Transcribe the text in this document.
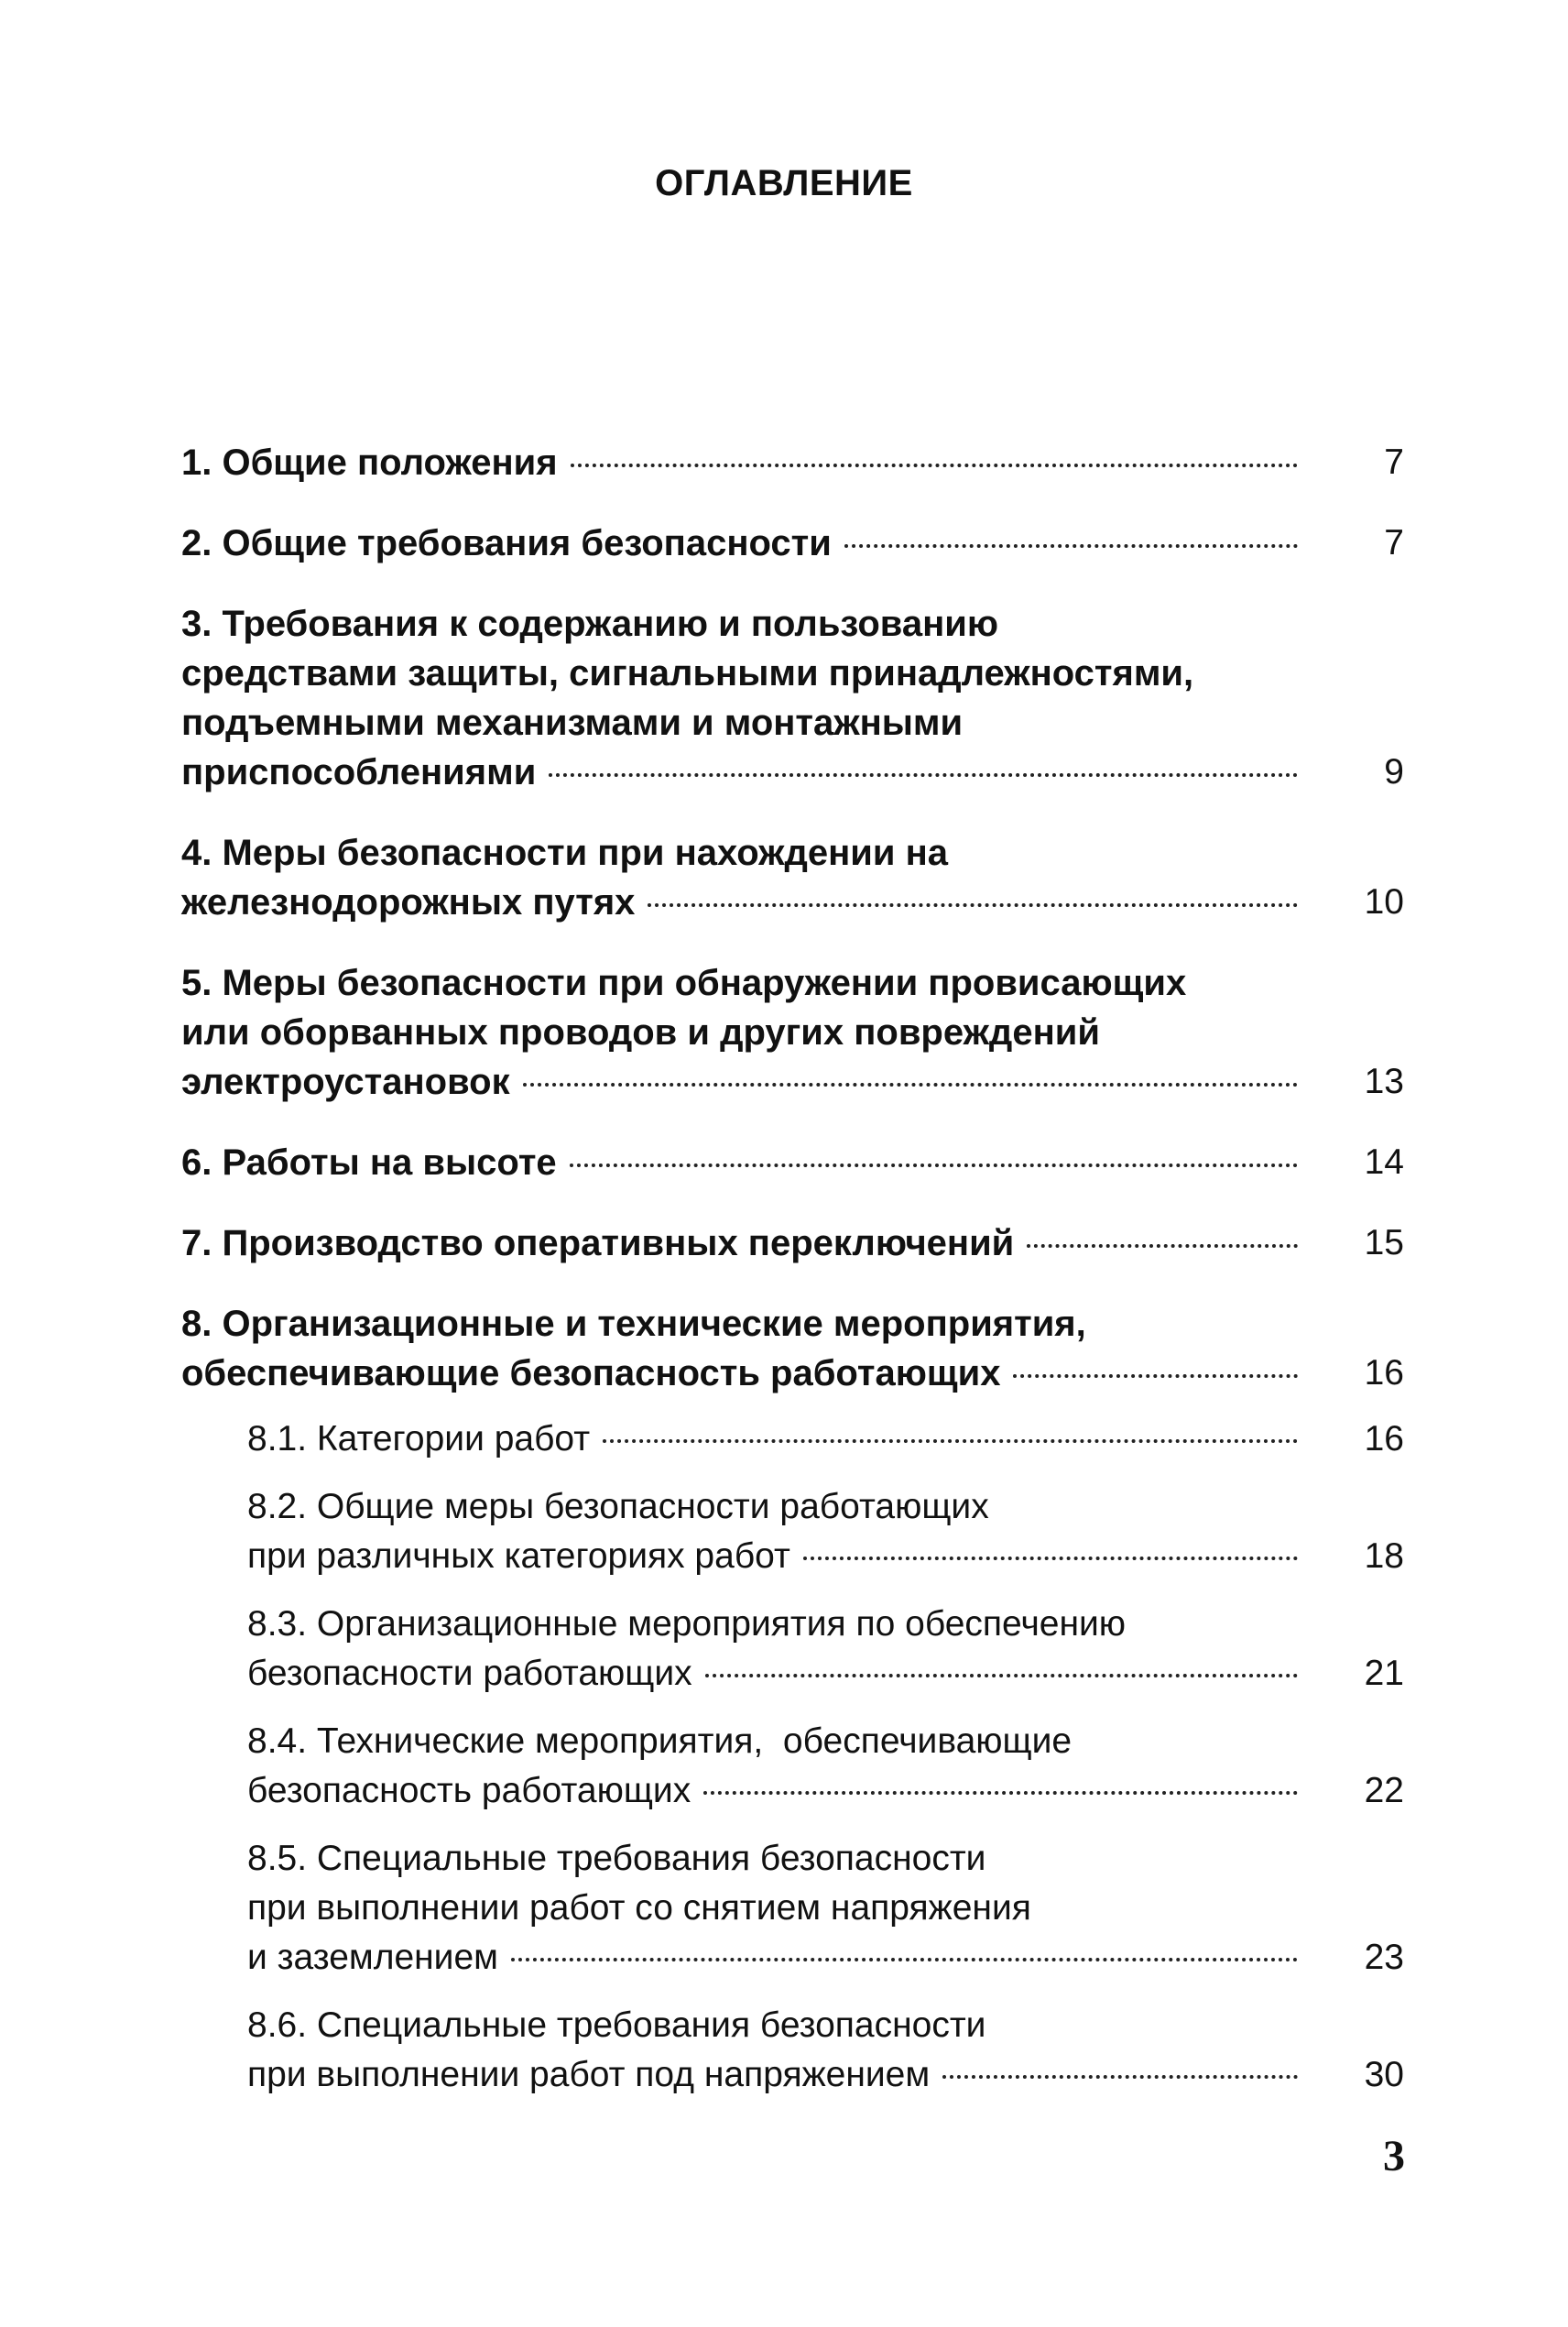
ОГЛАВЛЕНИЕ
1. Общие положения	7
2. Общие требования безопасности	7
3. Требования к содержанию и пользованию
средствами защиты, сигнальными принадлежностями,
подъемными механизмами и монтажными
приспособлениями	9
4. Меры безопасности при нахождении на
железнодорожных путях	10
5. Меры безопасности при обнаружении провисающих
или оборванных проводов и других повреждений
электроустановок	13
6. Работы на высоте	14
7. Производство оперативных переключений	15
8. Организационные и технические мероприятия,
обеспечивающие безопасность работающих	16
8.1. Категории работ	16
8.2. Общие меры безопасности работающих
при различных категориях работ	18
8.3. Организационные мероприятия по обеспечению
безопасности работающих	21
8.4. Технические мероприятия,  обеспечивающие
безопасность работающих	22
8.5. Специальные требования безопасности
при выполнении работ со снятием напряжения
и заземлением	23
8.6. Специальные требования безопасности
при выполнении работ под напряжением	30
3
